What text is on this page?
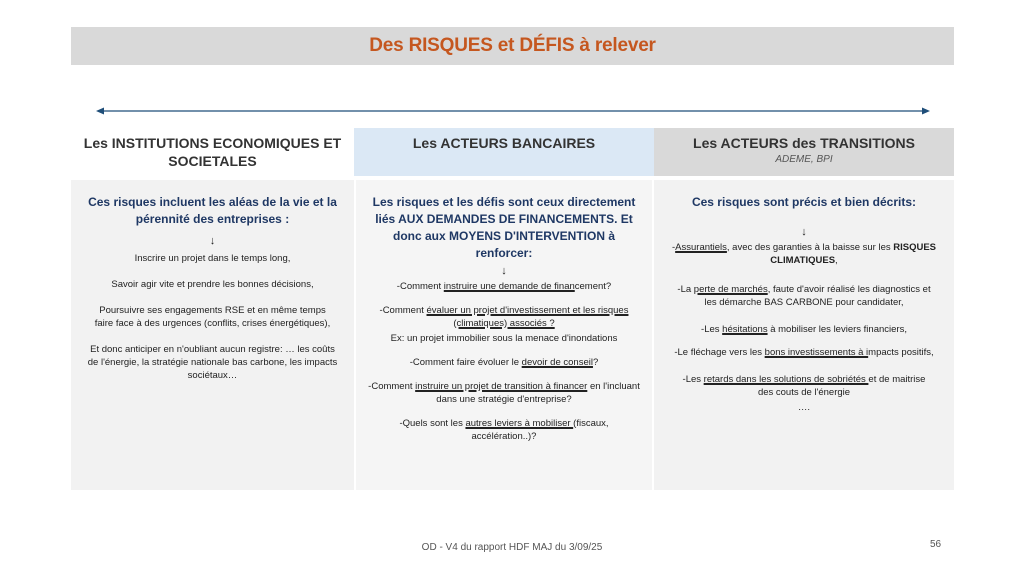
Des RISQUES et DÉFIS à relever
Les INSTITUTIONS ECONOMIQUES ET SOCIETALES
Les ACTEURS BANCAIRES	Les ACTEURS des TRANSITIONS
ADEME, BPI
Ces risques incluent les aléas de la vie et la pérennité des entreprises :
↓
Inscrire un projet dans le temps long,
Savoir agir vite et prendre les bonnes décisions,
Poursuivre ses engagements RSE et en même temps faire face à des urgences (conflits, crises énergétiques),
Et donc anticiper en n'oubliant aucun registre: … les coûts de l'énergie, la stratégie nationale bas carbone, les impacts sociétaux…
Les risques et les défis sont ceux directement liés AUX DEMANDES DE FINANCEMENTS. Et donc aux MOYENS D'INTERVENTION à renforcer:
↓
-Comment instruire une demande de financement?
-Comment évaluer un projet d'investissement et les risques (climatiques) associés ?
Ex: un projet immobilier sous la menace d'inondations
-Comment faire évoluer le devoir de conseil?
-Comment instruire un projet de transition à financer en l'incluant dans une stratégie d'entreprise?
-Quels sont les autres leviers à mobiliser (fiscaux, accélération..)?
Ces risques sont précis et bien décrits:
↓
-Assurantiels, avec des garanties à la baisse sur les RISQUES CLIMATIQUES,
-La perte de marchés, faute d'avoir réalisé les diagnostics et les démarche BAS CARBONE pour candidater,
-Les hésitations à mobiliser les leviers financiers,
-Le fléchage vers les bons investissements à impacts positifs,
-Les retards dans les solutions de sobriétés et de maitrise des couts de l'énergie
….
OD - V4 du rapport HDF MAJ du 3/09/25	56
